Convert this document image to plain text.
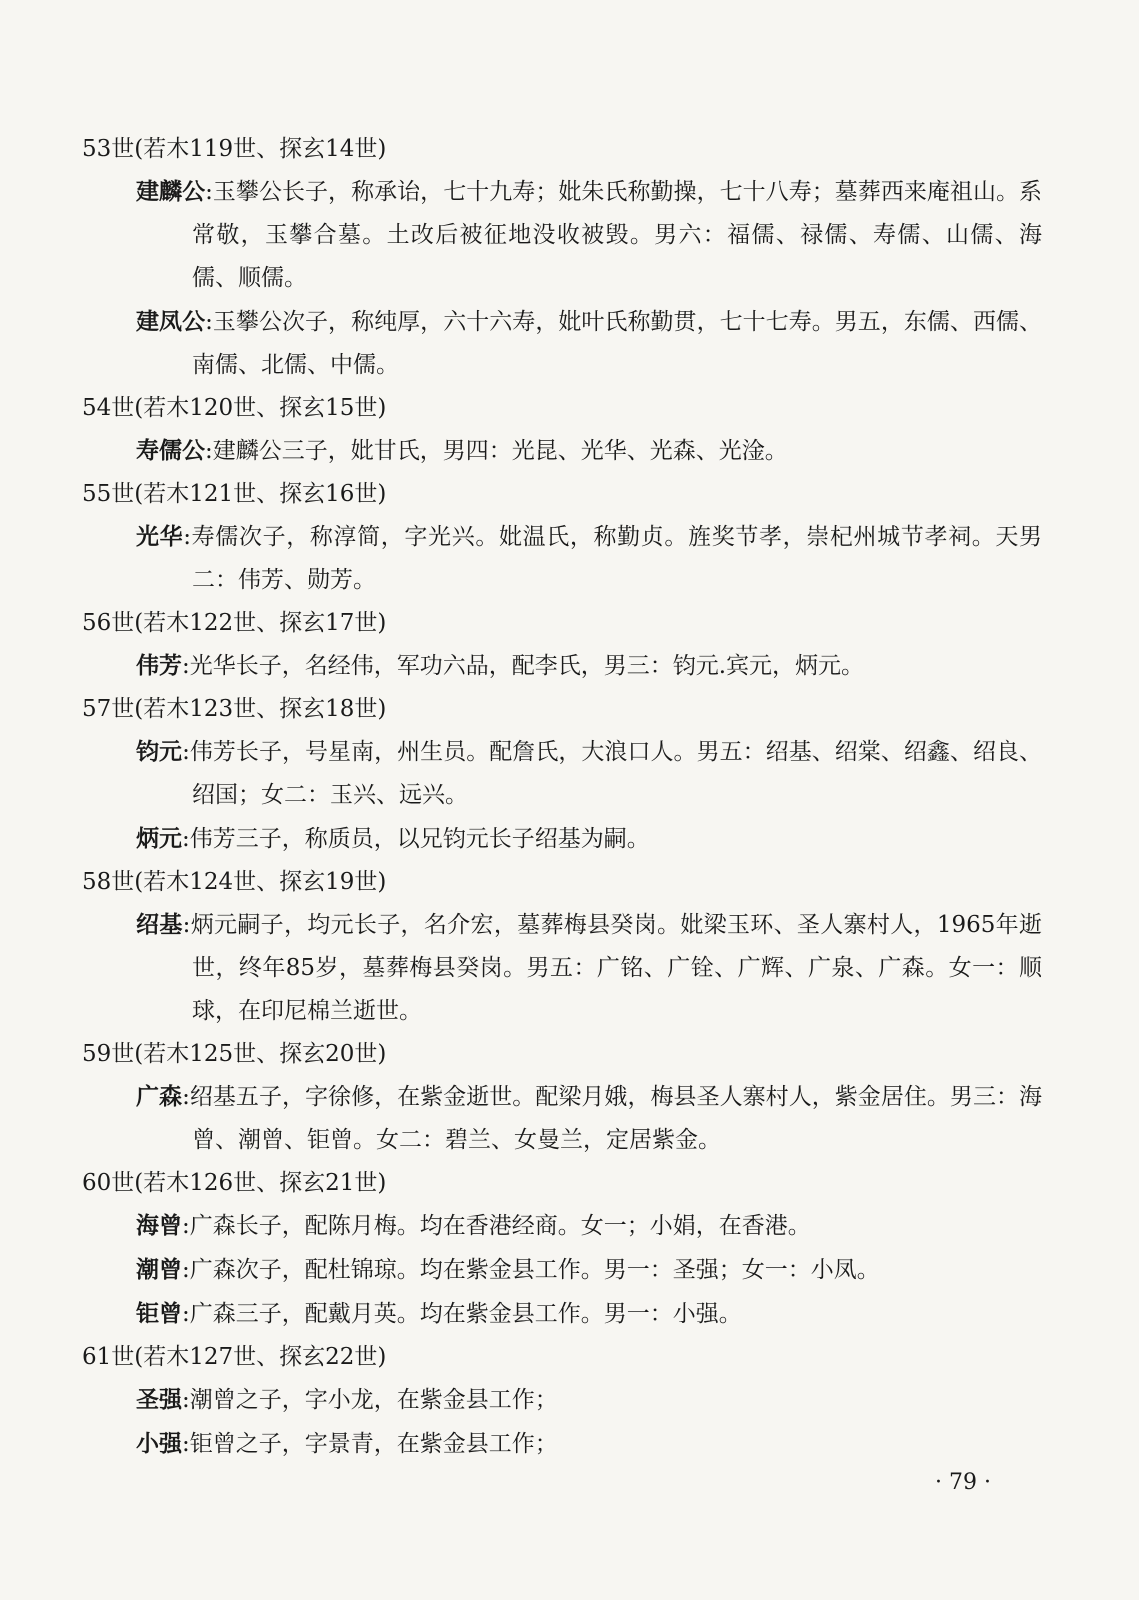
53世(若木119世、探玄14世)
建麟公:玉攀公长子，称承诒，七十九寿；妣朱氏称勤操，七十八寿；墓葬西来庵祖山。系常敬，玉攀合墓。土改后被征地没收被毁。男六：福儒、禄儒、寿儒、山儒、海儒、顺儒。
建凤公:玉攀公次子，称纯厚，六十六寿，妣叶氏称勤贯，七十七寿。男五，东儒、西儒、南儒、北儒、中儒。
54世(若木120世、探玄15世)
寿儒公:建麟公三子，妣甘氏，男四：光昆、光华、光森、光淦。
55世(若木121世、探玄16世)
光华:寿儒次子，称淳简，字光兴。妣温氏，称勤贞。旌奖节孝，崇杞州城节孝祠。天男二：伟芳、勋芳。
56世(若木122世、探玄17世)
伟芳:光华长子，名经伟，军功六品，配李氏，男三：钧元.宾元，炳元。
57世(若木123世、探玄18世)
钧元:伟芳长子，号星南，州生员。配詹氏，大浪口人。男五：绍基、绍棠、绍鑫、绍良、绍国；女二：玉兴、远兴。
炳元:伟芳三子，称质员，以兄钧元长子绍基为嗣。
58世(若木124世、探玄19世)
绍基:炳元嗣子，均元长子，名介宏，墓葬梅县癸岗。妣梁玉环、圣人寨村人，1965年逝世，终年85岁，墓葬梅县癸岗。男五：广铭、广铨、广辉、广泉、广森。女一：顺球，在印尼棉兰逝世。
59世(若木125世、探玄20世)
广森:绍基五子，字徐修，在紫金逝世。配梁月娥，梅县圣人寨村人，紫金居住。男三：海曾、潮曾、钜曾。女二：碧兰、女曼兰，定居紫金。
60世(若木126世、探玄21世)
海曾:广森长子，配陈月梅。均在香港经商。女一；小娟，在香港。
潮曾:广森次子，配杜锦琼。均在紫金县工作。男一：圣强；女一：小凤。
钜曾:广森三子，配戴月英。均在紫金县工作。男一：小强。
61世(若木127世、探玄22世)
圣强:潮曾之子，字小龙，在紫金县工作；
小强:钜曾之子，字景青，在紫金县工作；
· 79 ·
